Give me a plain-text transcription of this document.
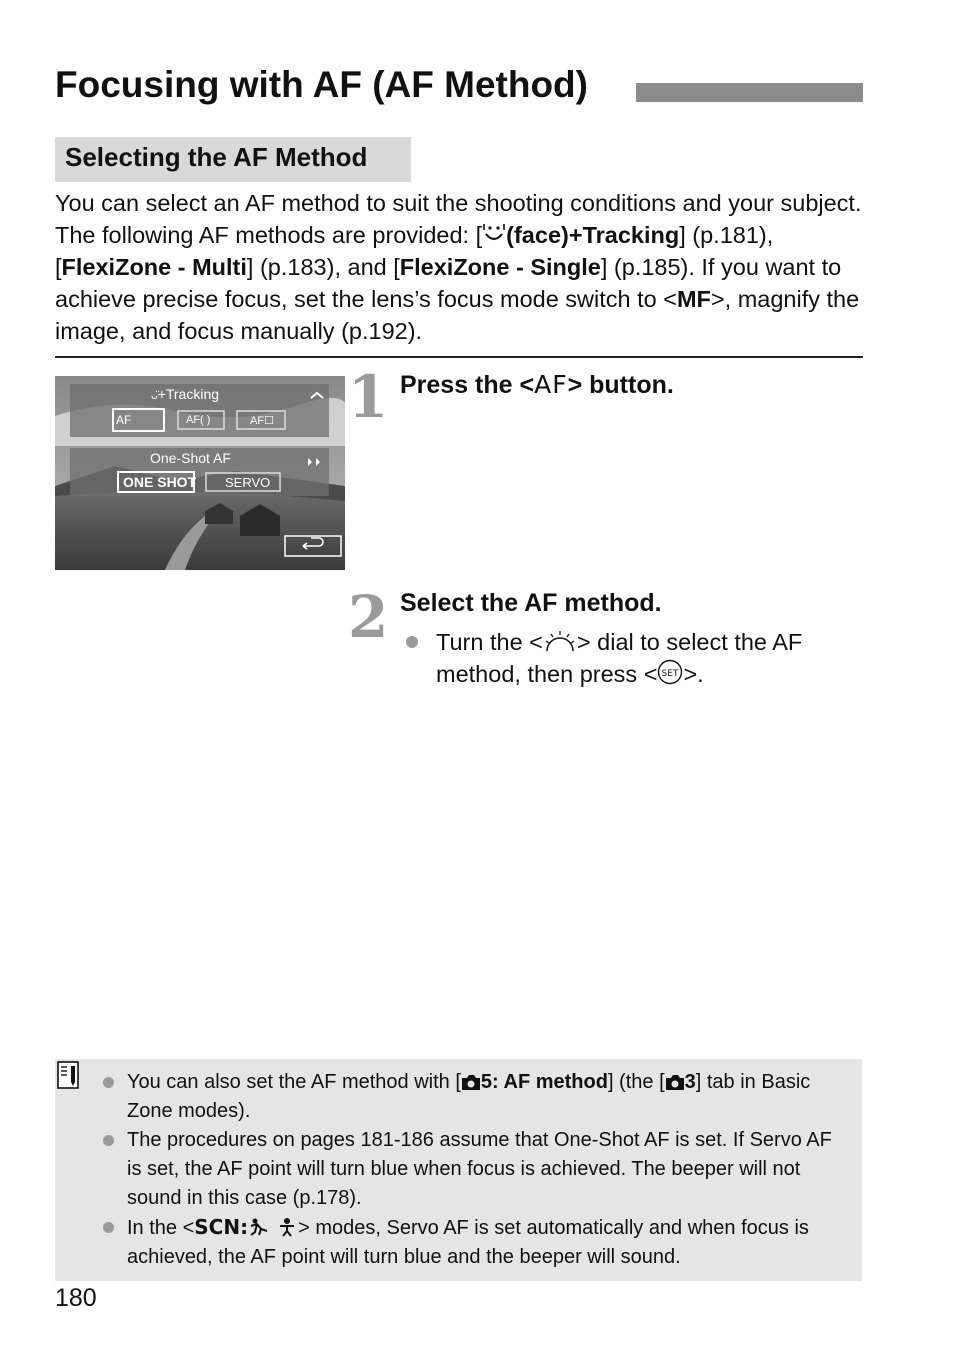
Focusing with AF (AF Method)
Selecting the AF Method
You can select an AF method to suit the shooting conditions and your subject. The following AF methods are provided: [ (face)+Tracking] (p.181), [FlexiZone - Multi] (p.183), and [FlexiZone - Single] (p.185). If you want to achieve precise focus, set the lens’s focus mode switch to <MF>, magnify the image, and focus manually (p.192).
ᴗ̈+Tracking
AF	AF( )	AF☐
One-Shot AF
ONE SHOT SERVO
1 Press the <AF> button.
2 Select the AF method.
Turn the < > dial to select the AF method, then press < SET >.
You can also set the AF method with [ 5: AF method] (the [ 3] tab in Basic Zone modes).
The procedures on pages 181-186 assume that One-Shot AF is set. If Servo AF is set, the AF point will turn blue when focus is achieved. The beeper will not sound in this case (p.178).
In the <SCN:	> modes, Servo AF is set automatically and when focus is achieved, the AF point will turn blue and the beeper will sound.
180
